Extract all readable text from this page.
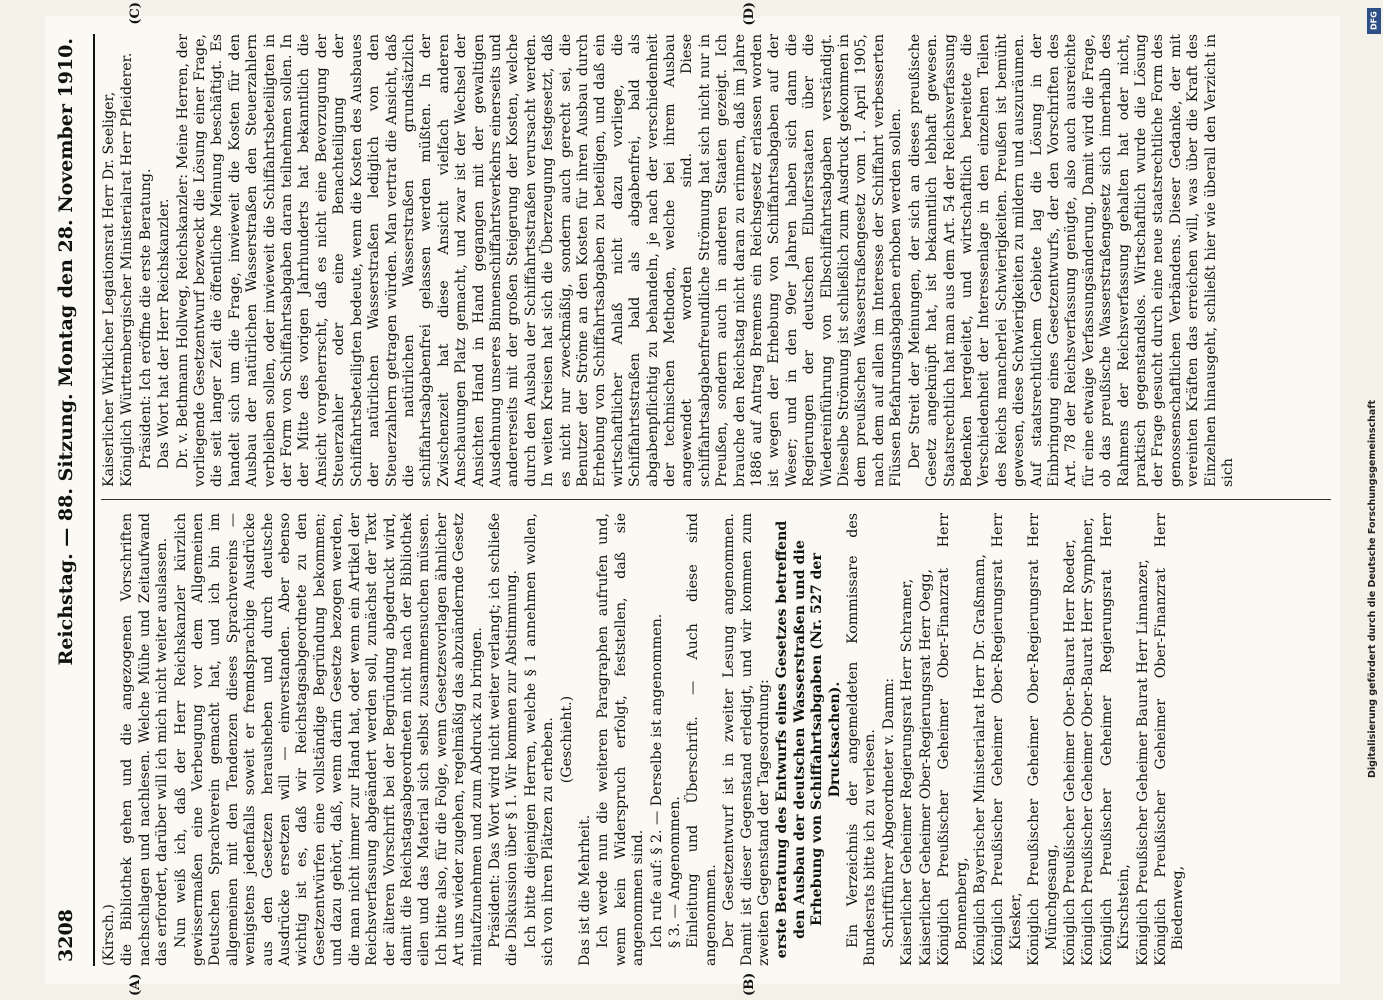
3208
Reichstag. — 88. Sitzung. Montag den 28. November 1910.
(A)	(B)

(Kirsch.) die Bibliothek gehen und die angezogenen Vorschriften nachschlagen und nachlesen. Welche Mühe und Zeitaufwand das erfordert, darüber will ich mich nicht weiter auslassen. Nun weiß ich, daß der Herr Reichskanzler kürzlich gewissermaßen eine Verbeugung vor dem Allgemeinen Deutschen Sprachverein gemacht hat, und ich bin im allgemeinen mit den Tendenzen dieses Sprachvereins — wenigstens jedenfalls soweit er fremdsprachige Ausdrücke aus den Gesetzen herausheben und durch deutsche Ausdrücke ersetzen will — einverstanden. Aber ebenso wichtig ist es, daß wir Reichstagsabgeordnete zu den Gesetzentwürfen eine vollständige Begründung bekommen; und dazu gehört, daß, wenn darin Gesetze bezogen werden, die man nicht immer zur Hand hat, oder wenn ein Artikel der Reichsverfassung abgeändert werden soll, zunächst der Text der älteren Vorschrift bei der Begründung abgedruckt wird, damit die Reichstagsabgeordneten nicht nach der Bibliothek eilen und das Material sich selbst zusammensuchen müssen. Ich bitte also, für die Folge, wenn Gesetzesvorlagen ähnlicher Art uns wieder zugehen, regelmäßig das abzuändernde Gesetz mitaufzunehmen und zum Abdruck zu bringen. Präsident: Das Wort wird nicht weiter verlangt; ich schließe die Diskussion über § 1. Wir kommen zur Abstimmung. Ich bitte diejenigen Herren, welche § 1 annehmen wollen, sich von ihren Plätzen zu erheben. (Geschieht.)

Das ist die Mehrheit. Ich werde nun die weiteren Paragraphen aufrufen und, wenn kein Widerspruch erfolgt, feststellen, daß sie angenommen sind. Ich rufe auf: § 2. — Derselbe ist angenommen. § 3. — Angenommen. Einleitung und Überschrift. — Auch diese sind angenommen. Der Gesetzentwurf ist in zweiter Lesung angenommen. Damit ist dieser Gegenstand erledigt, und wir kommen zum zweiten Gegenstand der Tagesordnung: erste Beratung des Entwurfs eines Gesetzes betreffend den Ausbau der deutschen Wasserstraßen und die Erhebung von Schiffahrtsabgaben (Nr. 527 der Drucksachen). Ein Verzeichnis der angemeldeten Kommissare des Bundesrats bitte ich zu verlesen. Schriftführer Abgeordneter v. Damm: Kaiserlicher Geheimer Regierungsrat Herr Schramer, Kaiserlicher Geheimer Ober-Regierungsrat Herr Oegg, Königlich Preußischer Geheimer Ober-Finanzrat Herr Bonnenberg, Königlich Bayerischer Ministerialrat Herr Dr. Graßmann, Königlich Preußischer Geheimer Ober-Regierungsrat Herr Kiesker, Königlich Preußischer Geheimer Ober-Regierungsrat Herr Münchgesang, Königlich Preußischer Geheimer Ober-Baurat Herr Roeder, Königlich Preußischer Geheimer Ober-Baurat Herr Symphner, Königlich Preußischer Geheimer Regierungsrat Herr Kirschstein, Königlich Preußischer Geheimer Baurat Herr Linnanzer, Königlich Preußischer Geheimer Ober-Finanzrat Herr Biedenweg,

(C)	(D)

Kaiserlicher Wirklicher Legationsrat Herr Dr. Seeliger, Königlich Württembergischer Ministerialrat Herr Pfleiderer. Präsident: Ich eröffne die erste Beratung. Das Wort hat der Herr Reichskanzler. Dr. v. Bethmann Hollweg, Reichskanzler: Meine Herren, der vorliegende Gesetzentwurf bezweckt die Lösung einer Frage, die seit langer Zeit die öffentliche Meinung beschäftigt. Es handelt sich um die Frage, inwieweit die Kosten für den Ausbau der natürlichen Wasserstraßen den Steuerzahlern verbleiben sollen, oder inwieweit die Schiffahrtsbeteiligten in der Form von Schiffahrtsabgaben daran teilnehmen sollen. In der Mitte des vorigen Jahrhunderts hat bekanntlich die Ansicht vorgeherrscht, daß es nicht eine Bevorzugung der Steuerzahler oder eine Benachteiligung der Schiffahrtsbeteiligten bedeute, wenn die Kosten des Ausbaues der natürlichen Wasserstraßen lediglich von den Steuerzahlern getragen würden. Man vertrat die Ansicht, daß die natürlichen Wasserstraßen grundsätzlich schiffahrtsabgabenfrei gelassen werden müßten. In der Zwischenzeit hat diese Ansicht vielfach anderen Anschauungen Platz gemacht, und zwar ist der Wechsel der Ansichten Hand in Hand gegangen mit der gewaltigen Ausdehnung unseres Binnenschiffahrtsverkehrs einerseits und andererseits mit der großen Steigerung der Kosten, welche durch den Ausbau der Schiffahrtsstraßen verursacht werden. In weiten Kreisen hat sich die Überzeugung festgesetzt, daß es nicht nur zweckmäßig, sondern auch gerecht sei, die Benutzer der Ströme an den Kosten für ihren Ausbau durch Erhebung von Schiffahrtsabgaben zu beteiligen, und daß ein wirtschaftlicher Anlaß nicht dazu vorliege, die Schiffahrtsstraßen bald als abgabenfrei, bald als abgabenpflichtig zu behandeln, je nach der verschiedenheit der technischen Methoden, welche bei ihrem Ausbau angewendet worden sind. Diese schiffahrtsabgabenfreundliche Strömung hat sich nicht nur in Preußen, sondern auch in anderen Staaten gezeigt. Ich brauche den Reichstag nicht daran zu erinnern, daß im Jahre 1886 auf Antrag Bremens ein Reichsgesetz erlassen worden ist wegen der Erhebung von Schiffahrtsabgaben auf der Weser; und in den 90er Jahren haben sich dann die Regierungen der deutschen Elbuferstaaten über die Wiedereinführung von Elbschiffahrtsabgaben verständigt. Dieselbe Strömung ist schließlich zum Ausdruck gekommen in dem preußischen Wasserstraßengesetz vom 1. April 1905, nach dem auf allen im Interesse der Schiffahrt verbesserten Flüssen Befahrungsabgaben erhoben werden sollen. Der Streit der Meinungen, der sich an dieses preußische Gesetz angeknüpft hat, ist bekanntlich lebhaft gewesen. Staatsrechtlich hat man aus dem Art. 54 der Reichsverfassung Bedenken hergeleitet, und wirtschaftlich bereitete die Verschiedenheit der Interessenlage in den einzelnen Teilen des Reichs mancherlei Schwierigkeiten. Preußen ist bemüht gewesen, diese Schwierigkeiten zu mildern und auszuräumen. Auf staatsrechtlichem Gebiete lag die Lösung in der Einbringung eines Gesetzentwurfs, der den Vorschriften des Art. 78 der Reichsverfassung genügte, also auch ausreichte für eine etwaige Verfassungsänderung. Damit wird die Frage, ob das preußische Wasserstraßengesetz sich innerhalb des Rahmens der Reichsverfassung gehalten hat oder nicht, praktisch gegenstandslos. Wirtschaftlich wurde die Lösung der Frage gesucht durch eine neue staatsrechtliche Form des genossenschaftlichen Verbändens. Dieser Gedanke, der mit vereinten Kräften das erreichen will, was über die Kraft des Einzelnen hinausgeht, schließt hier wie überall den Verzicht in sich

DFG
Digitalisierung gefördert durch die Deutsche Forschungsgemeinschaft
